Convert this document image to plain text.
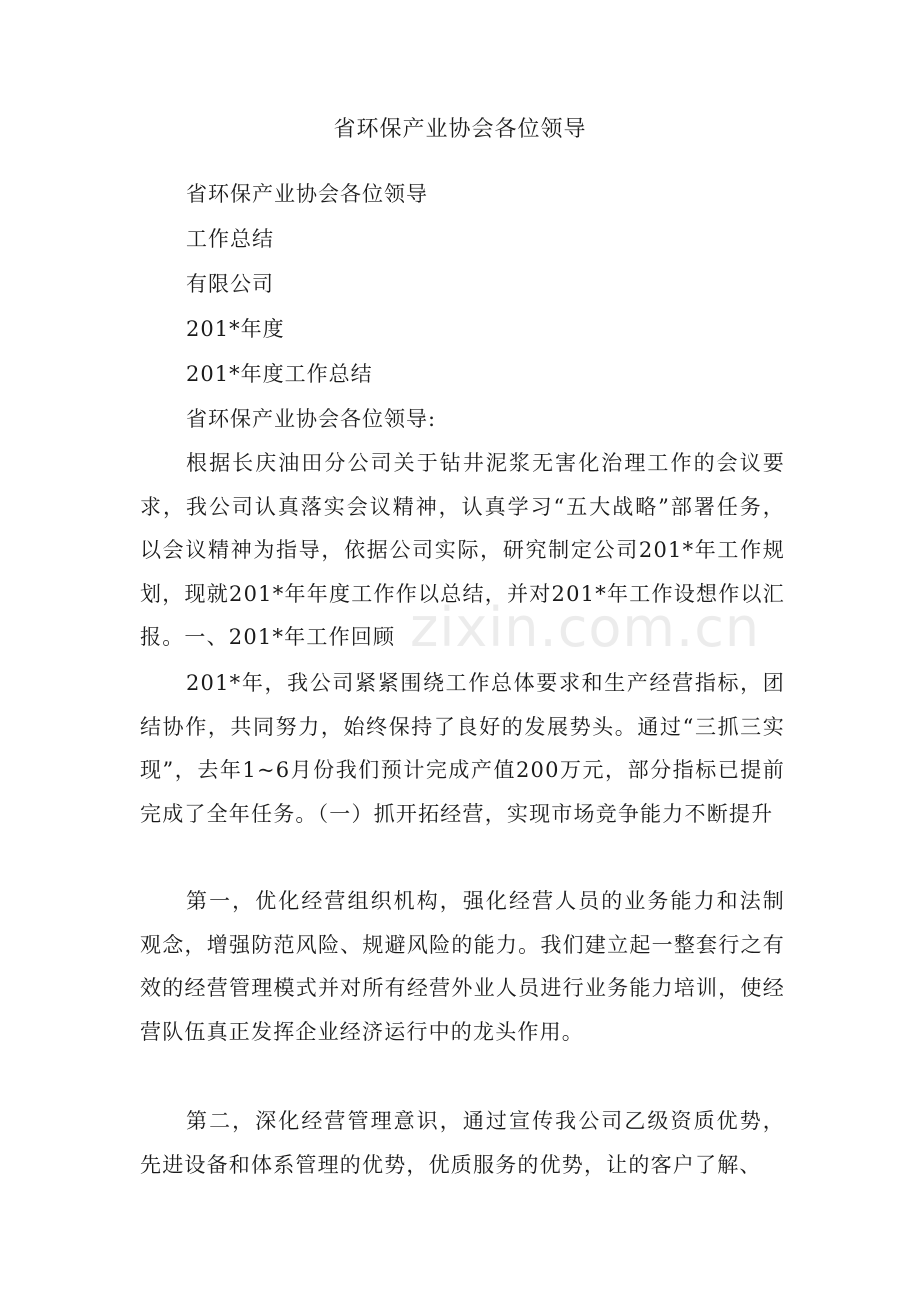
省环保产业协会各位领导
省环保产业协会各位领导
工作总结
有限公司
201*年度
201*年度工作总结
省环保产业协会各位领导:

根据长庆油田分公司关于钻井泥浆无害化治理工作的会议要求，我公司认真落实会议精神，认真学习“五大战略”部署任务，以会议精神为指导，依据公司实际，研究制定公司201*年工作规划，现就201*年年度工作作以总结，并对201*年工作设想作以汇报。一、201*年工作回顾

201*年，我公司紧紧围绕工作总体要求和生产经营指标，团结协作，共同努力，始终保持了良好的发展势头。通过“三抓三实现”，去年1~6月份我们预计完成产值200万元，部分指标已提前完成了全年任务。（一）抓开拓经营，实现市场竞争能力不断提升

第一，优化经营组织机构，强化经营人员的业务能力和法制观念，增强防范风险、规避风险的能力。我们建立起一整套行之有效的经营管理模式并对所有经营外业人员进行业务能力培训，使经营队伍真正发挥企业经济运行中的龙头作用。

第二，深化经营管理意识，通过宣传我公司乙级资质优势，先进设备和体系管理的优势，优质服务的优势，让的客户了解、

zixin.com.cn
